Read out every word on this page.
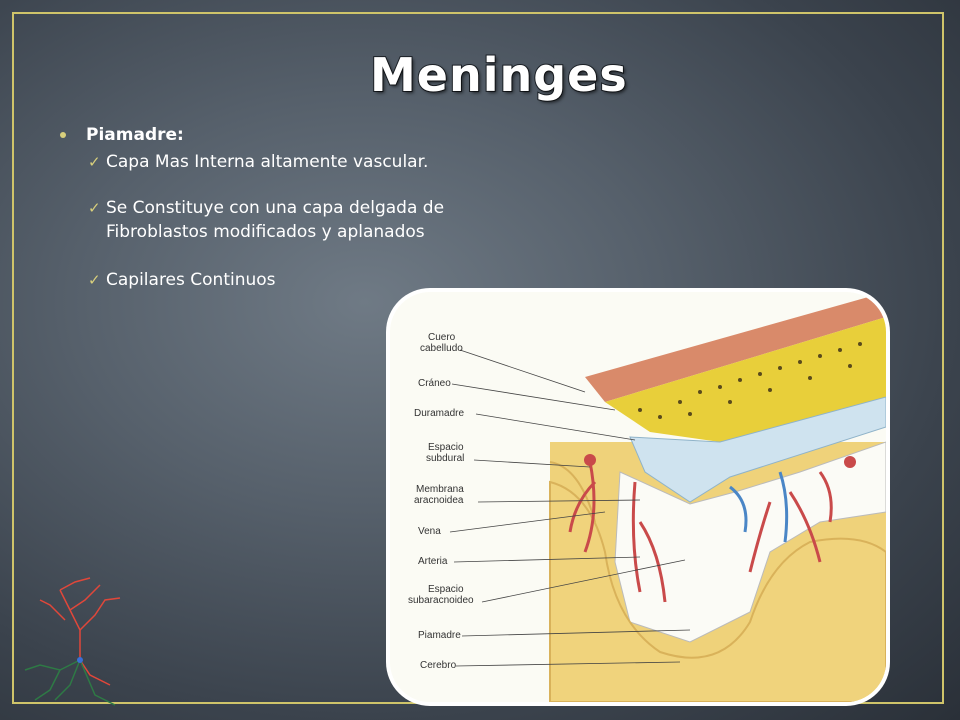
Meninges
Piamadre:
✓ Capa Mas Interna altamente vascular.
✓ Se Constituye con una capa delgada de
Fibroblastos modificados y aplanados
✓ Capilares Continuos
Cuero
cabelludo
Cráneo
Duramadre
Espacio
subdural
Membrana
aracnoidea
Vena
Arteria
Espacio
subaracnoideo
Piamadre
Cerebro
